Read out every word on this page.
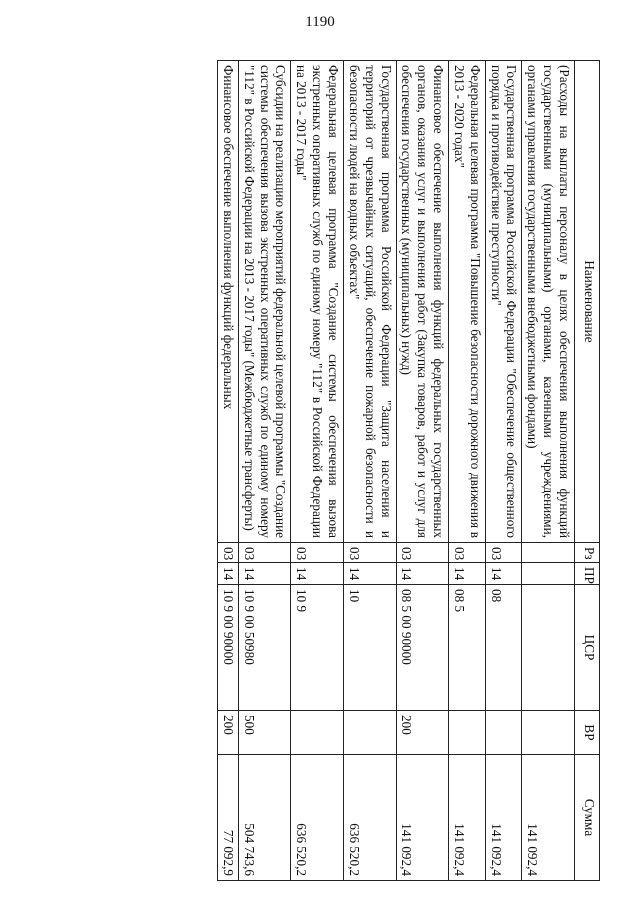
1190
Наименование	Рз	ПР	ЦСР	ВР	Сумма
(Расходы на выплаты персоналу в целях обеспечения выполнения функций государственными (муниципальными) органами, казенными учреждениями, органами управления государственными внебюджетными фондами)					141 092,4
Государственная программа Российской Федерации "Обеспечение общественного порядка и противодействие преступности"	03	14	08		141 092,4
Федеральная целевая программа "Повышение безопасности дорожного движения в 2013 - 2020 годах"	03	14	08 5		141 092,4
Финансовое обеспечение выполнения функций федеральных государственных органов, оказания услуг и выполнения работ (Закупка товаров, работ и услуг для обеспечения государственных (муниципальных) нужд)	03	14	08 5 00 90000	200	141 092,4
Государственная программа Российской Федерации "Защита населения и территорий от чрезвычайных ситуаций, обеспечение пожарной безопасности и безопасности людей на водных объектах"	03	14	10		636 520,2
Федеральная целевая программа "Создание системы обеспечения вызова экстренных оперативных служб по единому номеру "112" в Российской Федерации на 2013 - 2017 годы"	03	14	10 9		636 520,2
Субсидии на реализацию мероприятий федеральной целевой программы "Создание системы обеспечения вызова экстренных оперативных служб по единому номеру "112" в Российской Федерации на 2013 - 2017 годы" (Межбюджетные трансферты)	03	14	10 9 00 50980	500	504 743,6
Финансовое обеспечение выполнения функций федеральных	03	14	10 9 00 90000	200	77 092,9
